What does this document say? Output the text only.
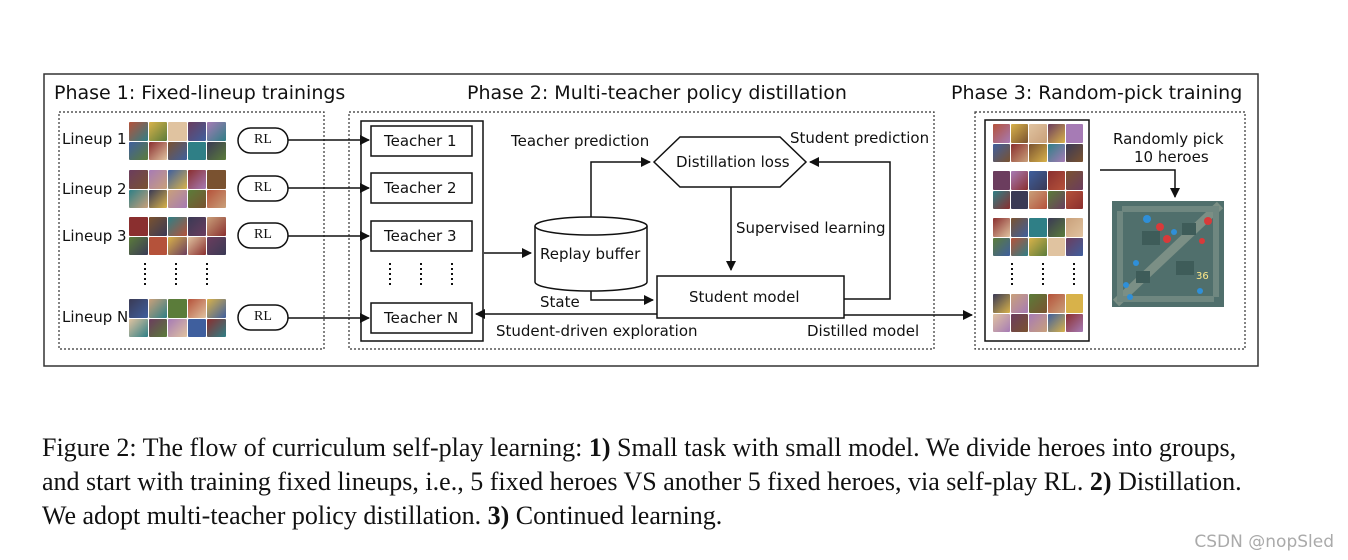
Phase 1: Fixed-lineup trainings	Phase 2: Multi-teacher policy distillation	Phase 3: Random-pick training
Lineup 1
Lineup 2
Lineup 3
Lineup N
RL
RL
RL
RL
Teacher 1
Teacher 2
Teacher 3
Teacher N
Teacher prediction	Student prediction
Distillation loss
Supervised learning
Replay buffer
State	Student model
Student-driven exploration	Distilled model
Randomly pick
10 heroes
36
Figure 2: The flow of curriculum self-play learning: 1) Small task with small model. We divide heroes into groups, and start with training fixed lineups, i.e., 5 fixed heroes VS another 5 fixed heroes, via self-play RL. 2) Distillation. We adopt multi-teacher policy distillation. 3) Continued learning.
CSDN @nopSled
